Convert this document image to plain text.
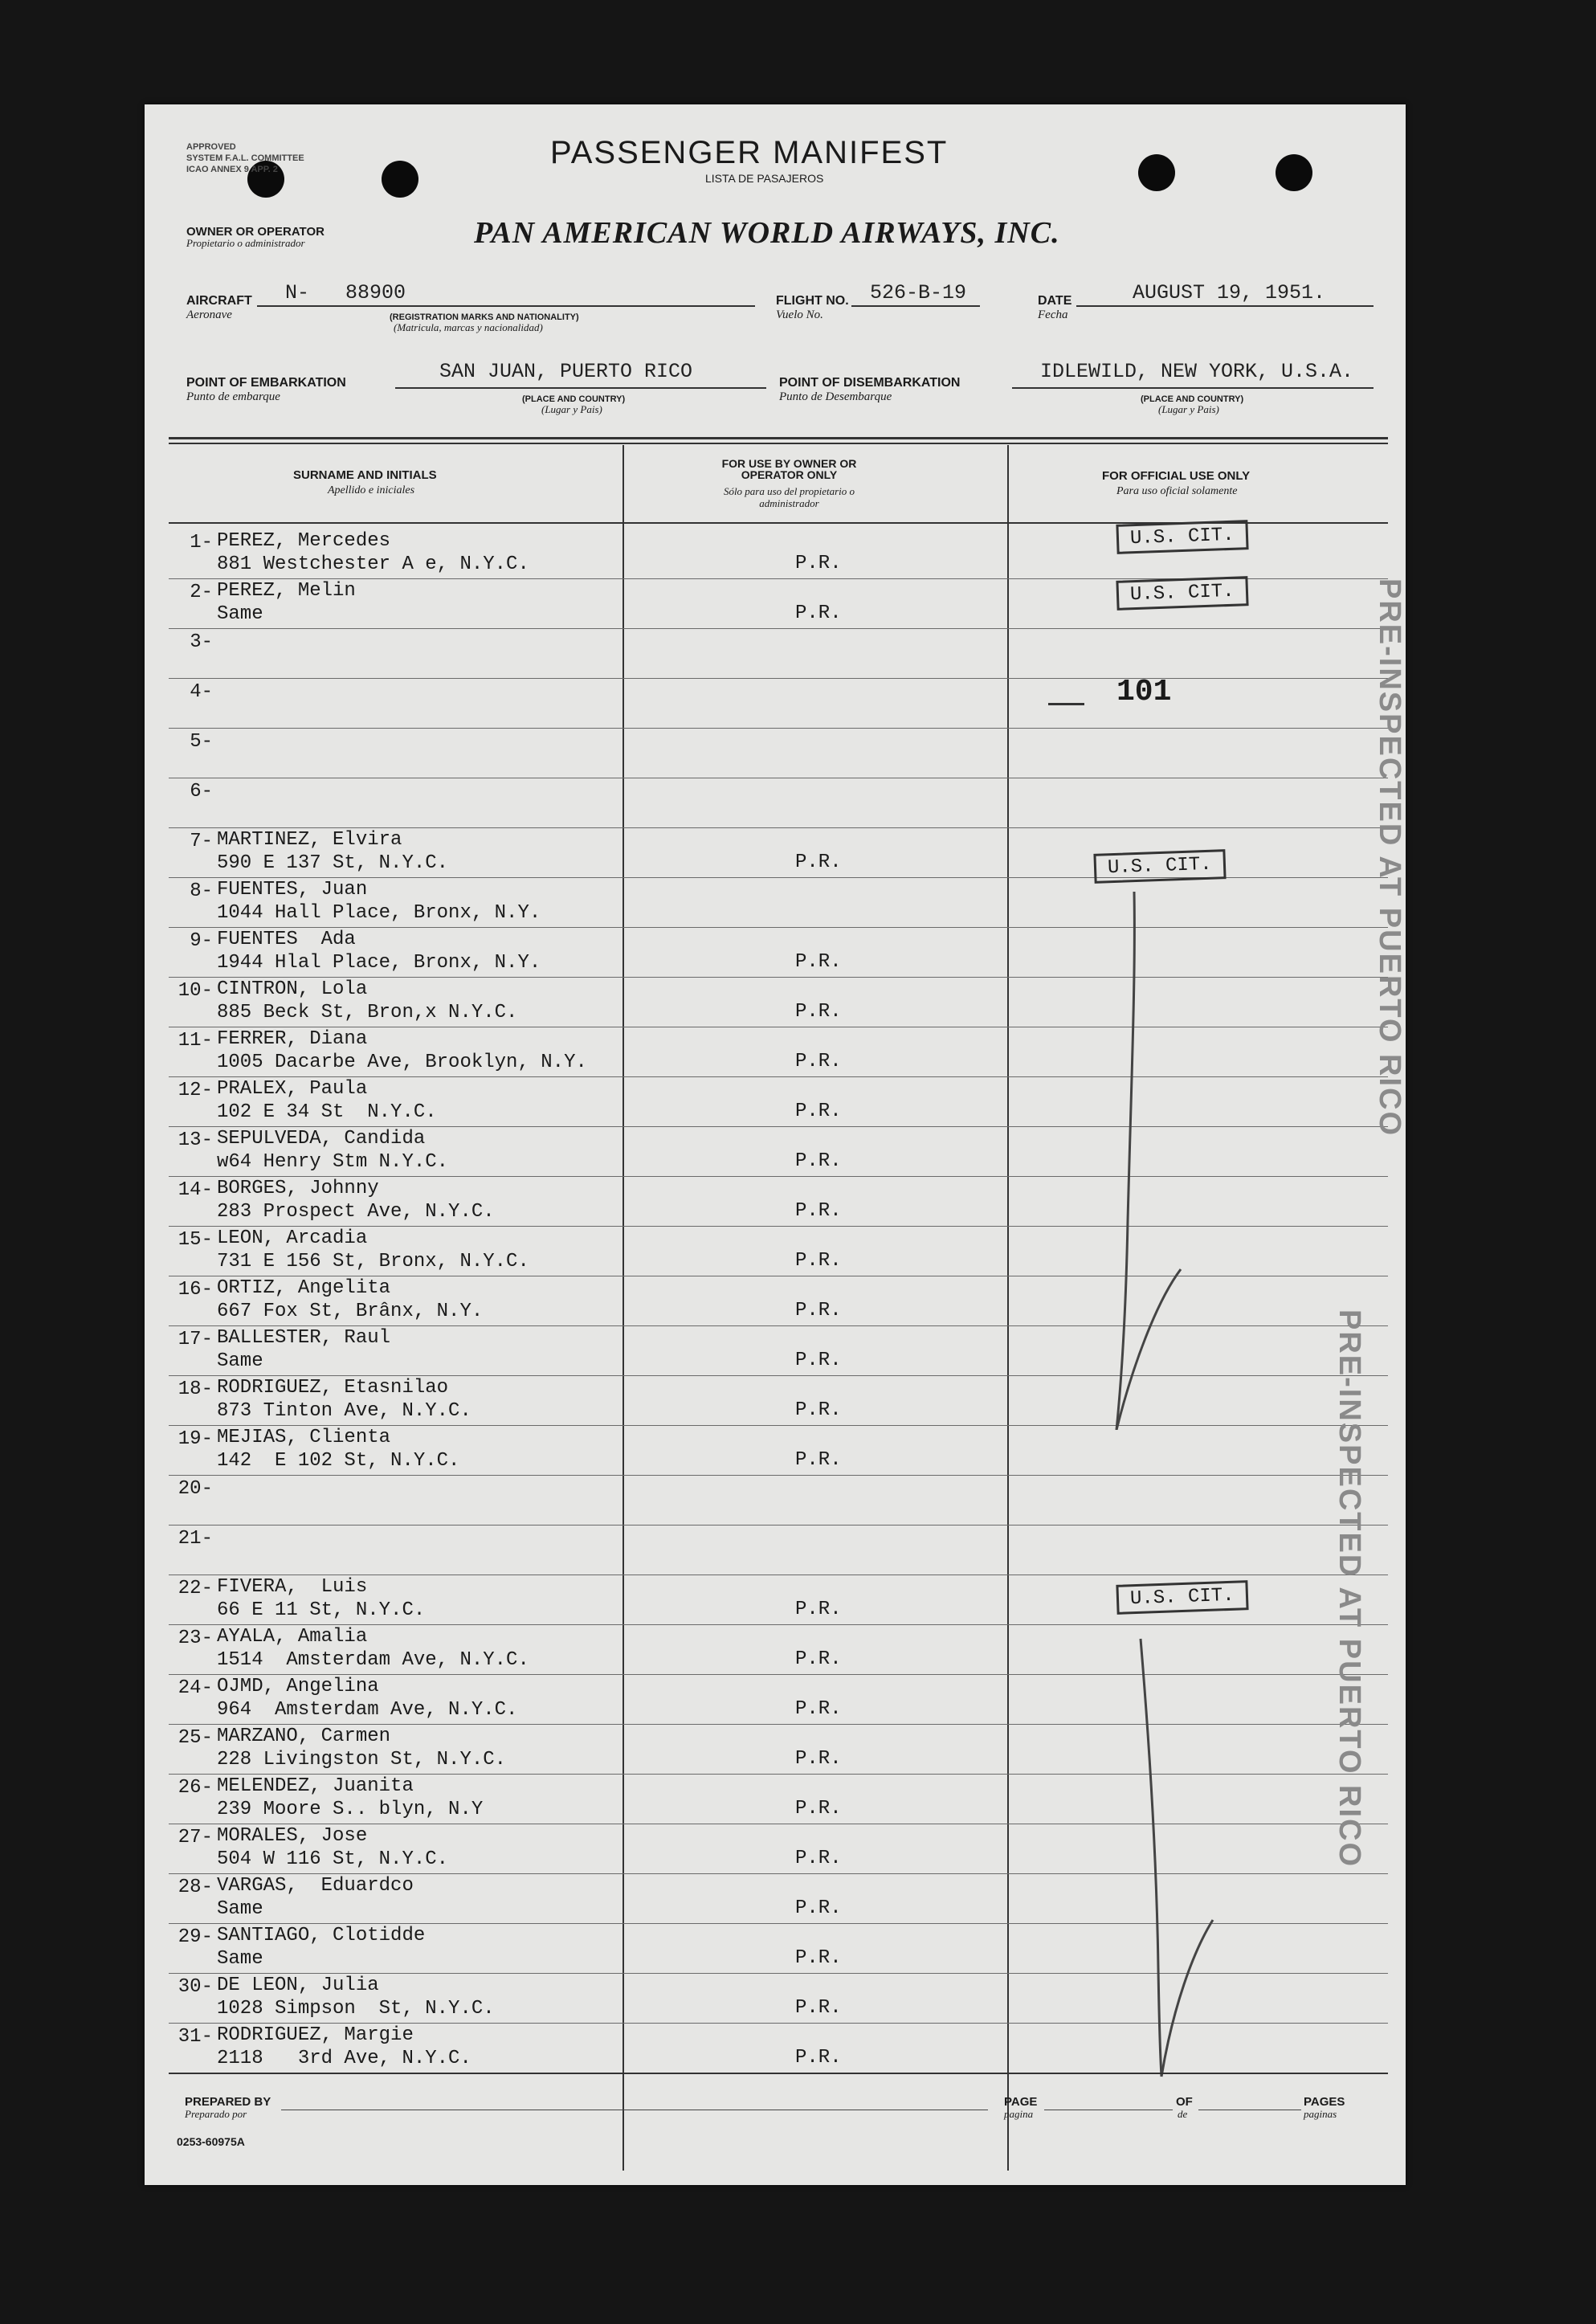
APPROVED
SYSTEM F.A.L. COMMITTEE
ICAO ANNEX 9 APP. 2	PASSENGER MANIFEST
LISTA DE PASAJEROS
OWNER OR OPERATOR
Propietario o administrador	PAN AMERICAN WORLD AIRWAYS, INC.
AIRCRAFT
Aeronave
N-   88900
(REGISTRATION MARKS AND NATIONALITY)
(Matricula, marcas y nacionalidad)
FLIGHT NO.
Vuelo No.
526-B-19	DATE
Fecha
AUGUST 19, 1951.
POINT OF EMBARKATION
Punto de embarque
SAN JUAN, PUERTO RICO
(PLACE AND COUNTRY)
(Lugar y Pais)
POINT OF DISEMBARKATION
Punto de Desembarque
IDLEWILD, NEW YORK, U.S.A.
(PLACE AND COUNTRY)
(Lugar y Pais)
SURNAME AND INITIALS
Apellido e iniciales
FOR USE BY OWNER OR OPERATOR ONLY
Sólo para uso del propietario o administrador
FOR OFFICIAL USE ONLY
Para uso oficial solamente
1- PEREZ, Mercedes
881 Westchester A e, N.Y.C.	P.R.
2- PEREZ, Melin
Same	P.R.
3-
4-
5-
6-
7- MARTINEZ, Elvira
590 E 137 St, N.Y.C.	P.R.
8- FUENTES, Juan
1044 Hall Place, Bronx, N.Y.
9- FUENTES  Ada
1944 Hlal Place, Bronx, N.Y.	P.R.
10- CINTRON, Lola
885 Beck St, Bron,x N.Y.C.	P.R.
11- FERRER, Diana
1005 Dacarbe Ave, Brooklyn, N.Y.	P.R.
12- PRALEX, Paula
102 E 34 St  N.Y.C.	P.R.
13- SEPULVEDA, Candida
w64 Henry Stm N.Y.C.	P.R.
14- BORGES, Johnny
283 Prospect Ave, N.Y.C.	P.R.
15- LEON, Arcadia
731 E 156 St, Bronx, N.Y.C.	P.R.
16- ORTIZ, Angelita
667 Fox St, Brânx, N.Y.	P.R.
17- BALLESTER, Raul
Same	P.R.
18- RODRIGUEZ, Etasnilao
873 Tinton Ave, N.Y.C.	P.R.
19- MEJIAS, Clienta
142  E 102 St, N.Y.C.	P.R.
20-
21-
22- FIVERA,  Luis
66 E 11 St, N.Y.C.	P.R.
23- AYALA, Amalia
1514  Amsterdam Ave, N.Y.C.	P.R.
24- OJMD, Angelina
964  Amsterdam Ave, N.Y.C.	P.R.
25- MARZANO, Carmen
228 Livingston St, N.Y.C.	P.R.
26- MELENDEZ, Juanita
239 Moore S.. blyn, N.Y	P.R.
27- MORALES, Jose
504 W 116 St, N.Y.C.	P.R.
28- VARGAS,  Eduardco
Same	P.R.
29- SANTIAGO, Clotidde
Same	P.R.
30- DE LEON, Julia
1028 Simpson  St, N.Y.C.	P.R.
31- RODRIGUEZ, Margie
2118   3rd Ave, N.Y.C.	P.R.
U.S. CIT.
U.S. CIT.
101
U.S. CIT.
U.S. CIT.
PRE-INSPECTED AT PUERTO RICO
PRE-INSPECTED AT PUERTO RICO
PREPARED BY
Preparado por
PAGE
pagina
OF
de
PAGES
paginas
0253-60975A
